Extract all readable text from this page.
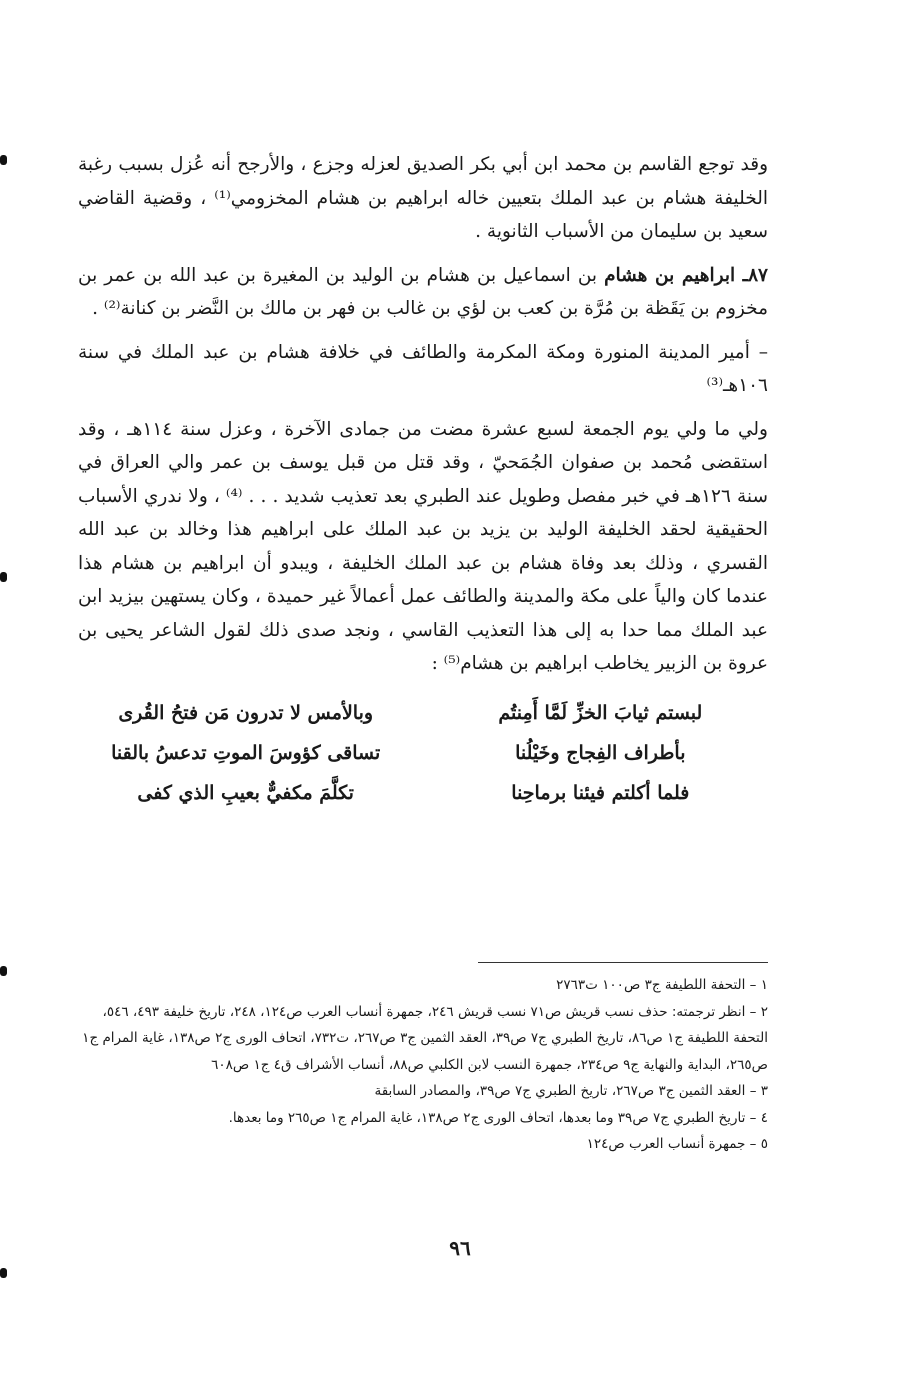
وقد توجع القاسم بن محمد ابن أبي بكر الصديق لعزله وجزع ، والأرجح أنه عُزل بسبب رغبة الخليفة هشام بن عبد الملك بتعيين خاله ابراهيم بن هشام المخزومي⁽¹⁾ ، وقضية القاضي سعيد بن سليمان من الأسباب الثانوية .

٨٧ـ ابراهيم بن هشام بن اسماعيل بن هشام بن الوليد بن المغيرة بن عبد الله بن عمر بن مخزوم بن يَقَظة بن مُرَّة بن كعب بن لؤي بن غالب بن فهر بن مالك بن النَّضر بن كنانة⁽²⁾ .

– أمير المدينة المنورة ومكة المكرمة والطائف في خلافة هشام بن عبد الملك في سنة ١٠٦هـ⁽³⁾

ولي ما ولي يوم الجمعة لسبع عشرة مضت من جمادى الآخرة ، وعزل سنة ١١٤هـ ، وقد استقضى مُحمد بن صفوان الجُمَحيّ ، وقد قتل من قبل يوسف بن عمر والي العراق في سنة ١٢٦هـ في خبر مفصل وطويل عند الطبري بعد تعذيب شديد . . . ⁽⁴⁾ ، ولا ندري الأسباب الحقيقية لحقد الخليفة الوليد بن يزيد بن عبد الملك على ابراهيم هذا وخالد بن عبد الله القسري ، وذلك بعد وفاة هشام بن عبد الملك الخليفة ، ويبدو أن ابراهيم بن هشام هذا عندما كان والياً على مكة والمدينة والطائف عمل أعمالاً غير حميدة ، وكان يستهين بيزيد ابن عبد الملك مما حدا به إلى هذا التعذيب القاسي ، ونجد صدى ذلك لقول الشاعر يحيى بن عروة بن الزبير يخاطب ابراهيم بن هشام⁽⁵⁾ :

لبستم ثيابَ الخزِّ لَمَّا أَمِنتُم
وبالأمس لا تدرون مَن فتحُ القُرى
بأطراف الفِجاج وخَيْلُنا
تساقى كؤوسَ الموتِ تدعسُ بالقنا
فلما أكلتم فيئنا برماحِنا
تكلَّمَ مكفيٌّ بعيبِ الذي كفى
١ – التحفة اللطيفة ج٣ ص١٠٠ ت٢٧٦٣
٢ – انظر ترجمته: حذف نسب قريش ص٧١ نسب قريش ٢٤٦، جمهرة أنساب العرب ص١٢٤، ٢٤٨، تاريخ خليفة ٤٩٣، ٥٤٦، التحفة اللطيفة ج١ ص٨٦، تاريخ الطبري ج٧ ص٣٩، العقد الثمين ج٣ ص٢٦٧، ت٧٣٢، اتحاف الورى ج٢ ص١٣٨، غاية المرام ج١ ص٢٦٥، البداية والنهاية ج٩ ص٢٣٤، جمهرة النسب لابن الكلبي ص٨٨، أنساب الأشراف ق٤ ج١ ص٦٠٨
٣ – العقد الثمين ج٣ ص٢٦٧، تاريخ الطبري ج٧ ص٣٩، والمصادر السابقة
٤ – تاريخ الطبري ج٧ ص٣٩ وما بعدها، اتحاف الورى ج٢ ص١٣٨، غاية المرام ج١ ص٢٦٥ وما بعدها.
٥ – جمهرة أنساب العرب ص١٢٤
٩٦
